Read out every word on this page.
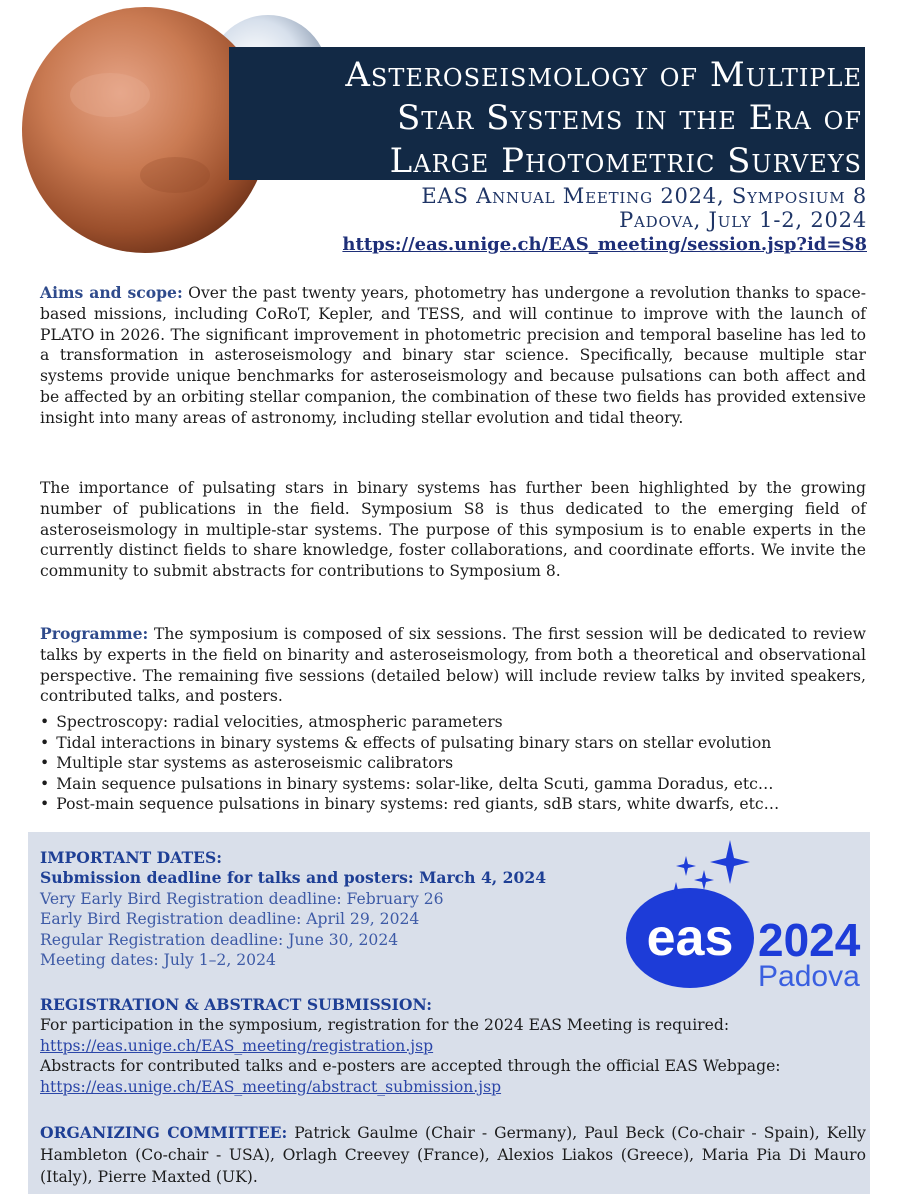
Asteroseismology of Multiple
Star Systems in the Era of
Large Photometric Surveys

EAS Annual Meeting 2024, Symposium 8
Padova, July 1-2, 2024

https://eas.unige.ch/EAS_meeting/session.jsp?id=S8

Aims and scope: Over the past twenty years, photometry has undergone a revolution thanks to space-based missions, including CoRoT, Kepler, and TESS, and will continue to improve with the launch of PLATO in 2026. The significant improvement in photometric precision and temporal baseline has led to a transformation in asteroseismology and binary star science. Specifically, because multiple star systems provide unique benchmarks for asteroseismology and because pulsations can both affect and be affected by an orbiting stellar companion, the combination of these two fields has provided extensive insight into many areas of astronomy, including stellar evolution and tidal theory.

The importance of pulsating stars in binary systems has further been highlighted by the growing number of publications in the field. Symposium S8 is thus dedicated to the emerging field of asteroseismology in multiple-star systems. The purpose of this symposium is to enable experts in the currently distinct fields to share knowledge, foster collaborations, and coordinate efforts. We invite the community to submit abstracts for contributions to Symposium 8.

Programme: The symposium is composed of six sessions. The first session will be dedicated to review talks by experts in the field on binarity and asteroseismology, from both a theoretical and observational perspective. The remaining five sessions (detailed below) will include review talks by invited speakers, contributed talks, and posters.

• Spectroscopy: radial velocities, atmospheric parameters
• Tidal interactions in binary systems & effects of pulsating binary stars on stellar evolution
• Multiple star systems as asteroseismic calibrators
• Main sequence pulsations in binary systems: solar-like, delta Scuti, gamma Doradus, etc…
• Post-main sequence pulsations in binary systems: red giants, sdB stars, white dwarfs, etc…
IMPORTANT DATES:
Submission deadline for talks and posters: March 4, 2024
Very Early Bird Registration deadline: February 26
Early Bird Registration deadline: April 29, 2024
Regular Registration deadline: June 30, 2024
Meeting dates: July 1–2, 2024	eas 2024
Padova
REGISTRATION & ABSTRACT SUBMISSION:
For participation in the symposium, registration for the 2024 EAS Meeting is required:
https://eas.unige.ch/EAS_meeting/registration.jsp
Abstracts for contributed talks and e-posters are accepted through the official EAS Webpage:
https://eas.unige.ch/EAS_meeting/abstract_submission.jsp

ORGANIZING COMMITTEE: Patrick Gaulme (Chair - Germany), Paul Beck (Co-chair - Spain), Kelly Hambleton (Co-chair - USA), Orlagh Creevey (France), Alexios Liakos (Greece), Maria Pia Di Mauro (Italy), Pierre Maxted (UK).
